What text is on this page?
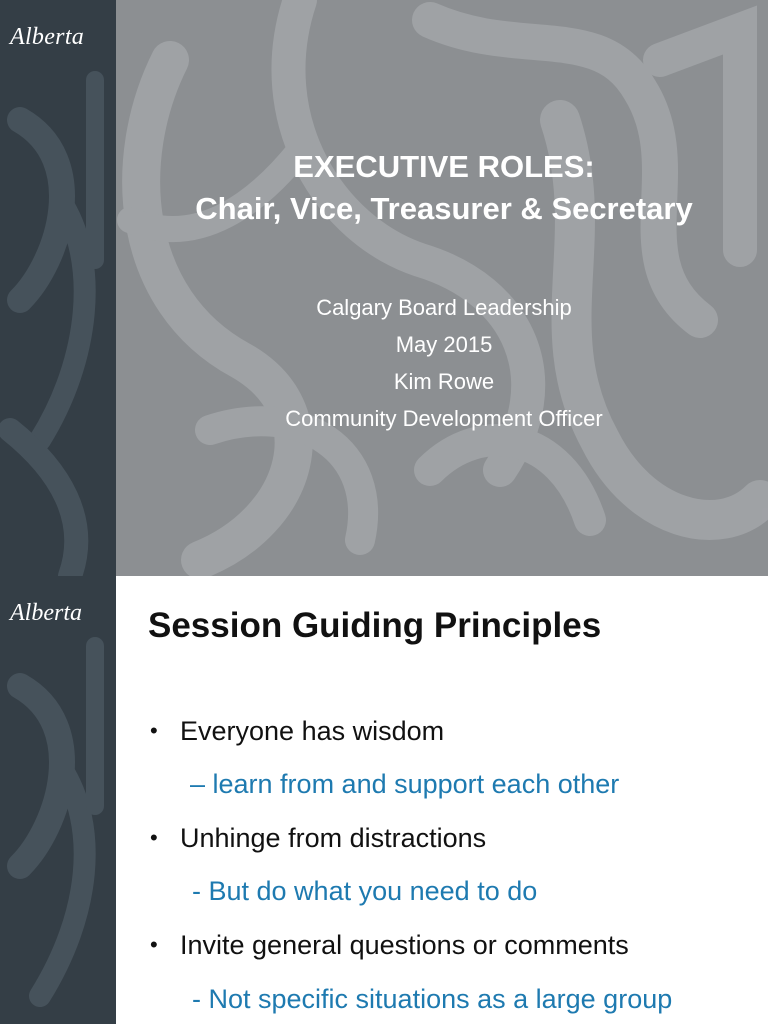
Alberta
EXECUTIVE ROLES:
Chair, Vice, Treasurer & Secretary
Calgary Board Leadership
May 2015
Kim Rowe
Community Development Officer
Alberta Session Guiding Principles
• Everyone has wisdom
– learn from and support each other
• Unhinge from distractions
- But do what you need to do
• Invite general questions or comments
- Not specific situations as a large group
